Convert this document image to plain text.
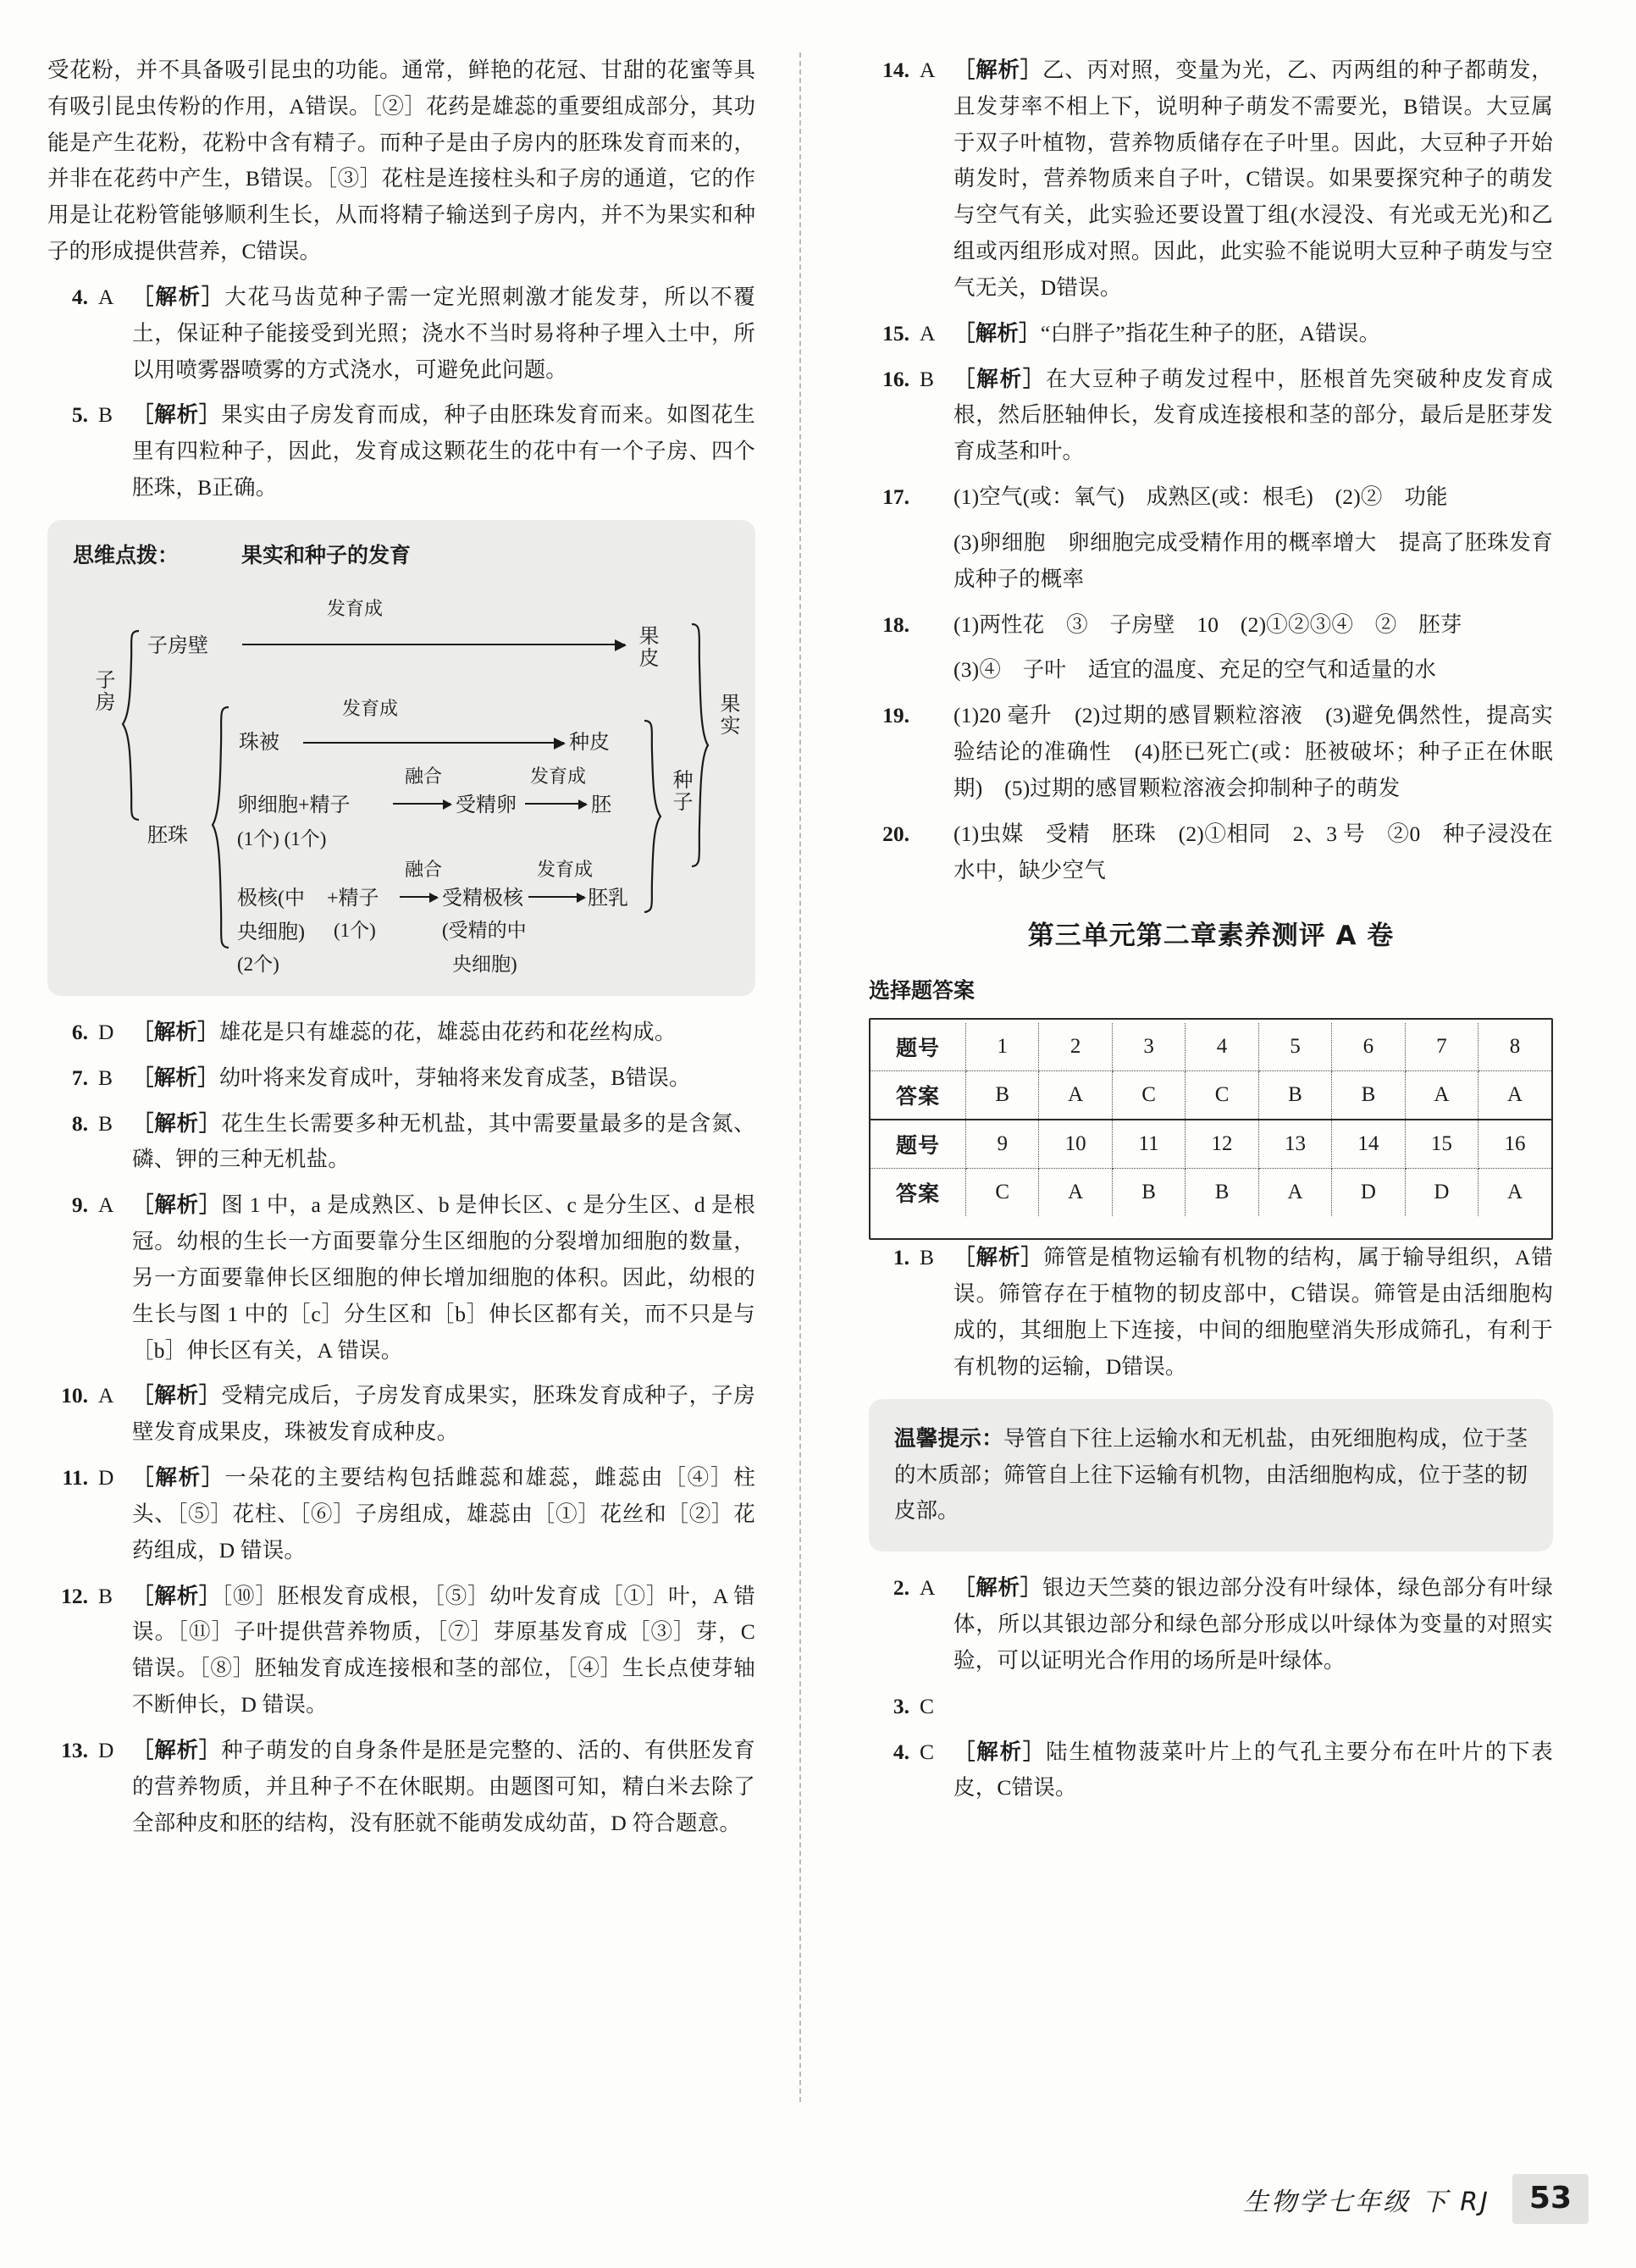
受花粉，并不具备吸引昆虫的功能。通常，鲜艳的花冠、甘甜的花蜜等具有吸引昆虫传粉的作用，A错误。［②］花药是雄蕊的重要组成部分，其功能是产生花粉，花粉中含有精子。而种子是由子房内的胚珠发育而来的，并非在花药中产生，B错误。［③］花柱是连接柱头和子房的通道，它的作用是让花粉管能够顺利生长，从而将精子输送到子房内，并不为果实和种子的形成提供营养，C错误。
4. A ［解析］大花马齿苋种子需一定光照刺激才能发芽，所以不覆土，保证种子能接受到光照；浇水不当时易将种子埋入土中，所以用喷雾器喷雾的方式浇水，可避免此问题。
5. B ［解析］果实由子房发育而成，种子由胚珠发育而来。如图花生里有四粒种子，因此，发育成这颗花生的花中有一个子房、四个胚珠，B正确。
思维点拨：	果实和种子的发育
子房
子房壁
发育成
胚珠
珠被
发育成
种皮
卵细胞+精子
(1个) (1个)
融合
受精卵
发育成
胚
极核(中
央细胞)
(2个)
+精子
(1个)
融合
受精极核
(受精的中
央细胞)
发育成
胚乳
果皮
种子
果实
6. D ［解析］雄花是只有雄蕊的花，雄蕊由花药和花丝构成。
7. B ［解析］幼叶将来发育成叶，芽轴将来发育成茎，B错误。
8. B ［解析］花生生长需要多种无机盐，其中需要量最多的是含氮、磷、钾的三种无机盐。
9. A ［解析］图 1 中，a 是成熟区、b 是伸长区、c 是分生区、d 是根冠。幼根的生长一方面要靠分生区细胞的分裂增加细胞的数量，另一方面要靠伸长区细胞的伸长增加细胞的体积。因此，幼根的生长与图 1 中的［c］分生区和［b］伸长区都有关，而不只是与［b］伸长区有关，A 错误。
10. A ［解析］受精完成后，子房发育成果实，胚珠发育成种子，子房壁发育成果皮，珠被发育成种皮。
11. D ［解析］一朵花的主要结构包括雌蕊和雄蕊，雌蕊由［④］柱头、［⑤］花柱、［⑥］子房组成，雄蕊由［①］花丝和［②］花药组成，D 错误。
12. B ［解析］［⑩］胚根发育成根，［⑤］幼叶发育成［①］叶，A 错误。［⑪］子叶提供营养物质，［⑦］芽原基发育成［③］芽，C 错误。［⑧］胚轴发育成连接根和茎的部位，［④］生长点使芽轴不断伸长，D 错误。
13. D ［解析］种子萌发的自身条件是胚是完整的、活的、有供胚发育的营养物质，并且种子不在休眠期。由题图可知，精白米去除了全部种皮和胚的结构，没有胚就不能萌发成幼苗，D 符合题意。
14. A ［解析］乙、丙对照，变量为光，乙、丙两组的种子都萌发，且发芽率不相上下，说明种子萌发不需要光，B错误。大豆属于双子叶植物，营养物质储存在子叶里。因此，大豆种子开始萌发时，营养物质来自子叶，C错误。如果要探究种子的萌发与空气有关，此实验还要设置丁组(水浸没、有光或无光)和乙组或丙组形成对照。因此，此实验不能说明大豆种子萌发与空气无关，D错误。
15. A ［解析］“白胖子”指花生种子的胚，A错误。
16. B ［解析］在大豆种子萌发过程中，胚根首先突破种皮发育成根，然后胚轴伸长，发育成连接根和茎的部分，最后是胚芽发育成茎和叶。
17. (1)空气(或：氧气)　成熟区(或：根毛)　(2)②　功能
(3)卵细胞　卵细胞完成受精作用的概率增大　提高了胚珠发育成种子的概率
18. (1)两性花　③　子房壁　10　(2)①②③④　②　胚芽
(3)④　子叶　适宜的温度、充足的空气和适量的水
19. (1)20 毫升　(2)过期的感冒颗粒溶液　(3)避免偶然性，提高实验结论的准确性　(4)胚已死亡(或：胚被破坏；种子正在休眠期)　(5)过期的感冒颗粒溶液会抑制种子的萌发
20. (1)虫媒　受精　胚珠　(2)①相同　2、3 号　②0　种子浸没在水中，缺少空气
第三单元第二章素养测评 A 卷
选择题答案
题号	1	2	3	4	5	6	7	8
答案	B	A	C	C	B	B	A	A
题号	9	10	11	12	13	14	15	16
答案	C	A	B	B	A	D	D	A
1. B ［解析］筛管是植物运输有机物的结构，属于输导组织，A错误。筛管存在于植物的韧皮部中，C错误。筛管是由活细胞构成的，其细胞上下连接，中间的细胞壁消失形成筛孔，有利于有机物的运输，D错误。
温馨提示：导管自下往上运输水和无机盐，由死细胞构成，位于茎的木质部；筛管自上往下运输有机物，由活细胞构成，位于茎的韧皮部。
2. A ［解析］银边天竺葵的银边部分没有叶绿体，绿色部分有叶绿体，所以其银边部分和绿色部分形成以叶绿体为变量的对照实验，可以证明光合作用的场所是叶绿体。
3. C
4. C ［解析］陆生植物菠菜叶片上的气孔主要分布在叶片的下表皮，C错误。
生物学七年级 下 RJ	53
